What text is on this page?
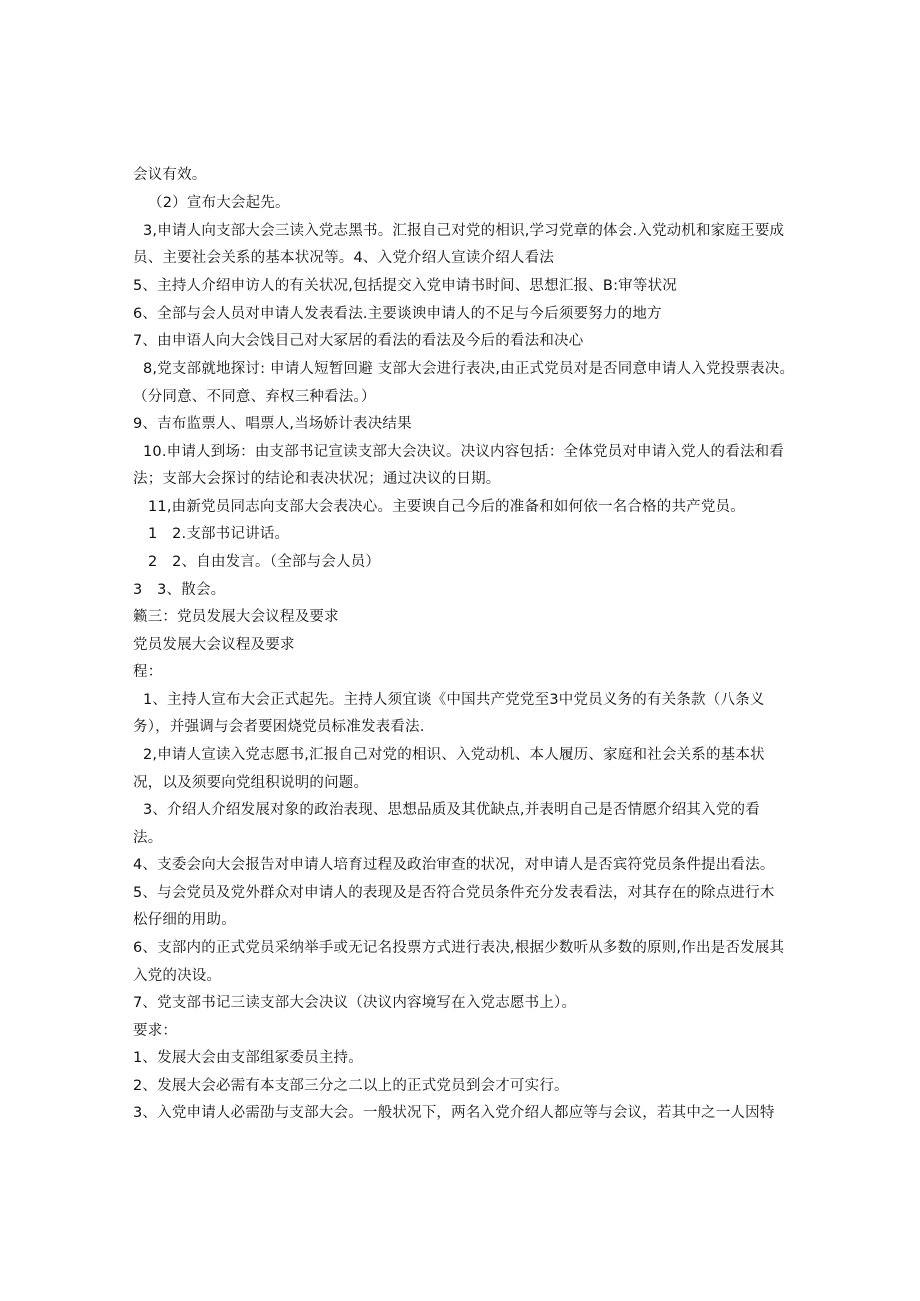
会议有效。
（2）宣布大会起先。
3,申请人向支部大会三读入党志黑书。汇报自己对党的相识,学习党章的体会.入党动机和家庭王要成
员、主要社会关系的基本状况等。4、入党介绍人宣读介绍人看法
5、主持人介绍申访人的有关状况,包括提交入党申请书时间、思想汇报、B:审等状况
6、全部与会人员对申请人发表看法.主要谈谀申请人的不足与今后须要努力的地方
7、由申语人向大会饯目己对大冢居的看法的看法及今后的看法和决心
8,党支部就地探讨: 申请人短暂回避 支部大会进行表决,由正式党员对是否同意申请人入党投票表决。
（分同意、不同意、弃权三种看法。）
9、吉布监票人、唱票人,当场娇计表决结果
10.申请人到场：由支部书记宣读支部大会决议。决议内容包括：全体党员对申请入党人的看法和看
法；支部大会探讨的结论和表决状况；通过决议的日期。
11,由新党员同志向支部大会表决心。主要谀自己今后的准备和如何依一名合格的共产党员。
1　2.支部书记讲话。
2　2、自由发言。（全部与会人员）
3　3、散会。
籁三：党员发展大会议程及要求
党员发展大会议程及要求
程：
1、主持人宣布大会正式起先。主持人须宜谈《中国共产党党至3中党员义务的有关条款（八条义
务），并强调与会者要困烧党员标准发表看法.
2,申请人宣读入党志愿书,汇报自己对党的相识、入党动机、本人履历、家庭和社会关系的基本状
况，以及须要向党组积说明的问题。
3、介绍人介绍发展对象的政治表现、思想品质及其优缺点,并表明自己是否情愿介绍其入党的看
法。
4、支委会向大会报告对申请人培育过程及政治审查的状况，对申请人是否宾符党员条件提出看法。
5、与会党员及党外群众对申请人的表现及是否符合党员条件充分发表看法，对其存在的除点进行木
松仔细的用助。
6、支部内的正式党员采纳举手或无记名投票方式进行表决,根据少数听从多数的原则,作出是否发展其
入党的决设。
7、党支部书记三读支部大会决议（决议内容境写在入党志愿书上）。
要求：
1、发展大会由支部组冢委员主持。
2、发展大会必需有本支部三分之二以上的正式党员到会才可实行。
3、入党申请人必需劭与支部大会。一般状况下，两名入党介绍人都应等与会议，若其中之一人因特
